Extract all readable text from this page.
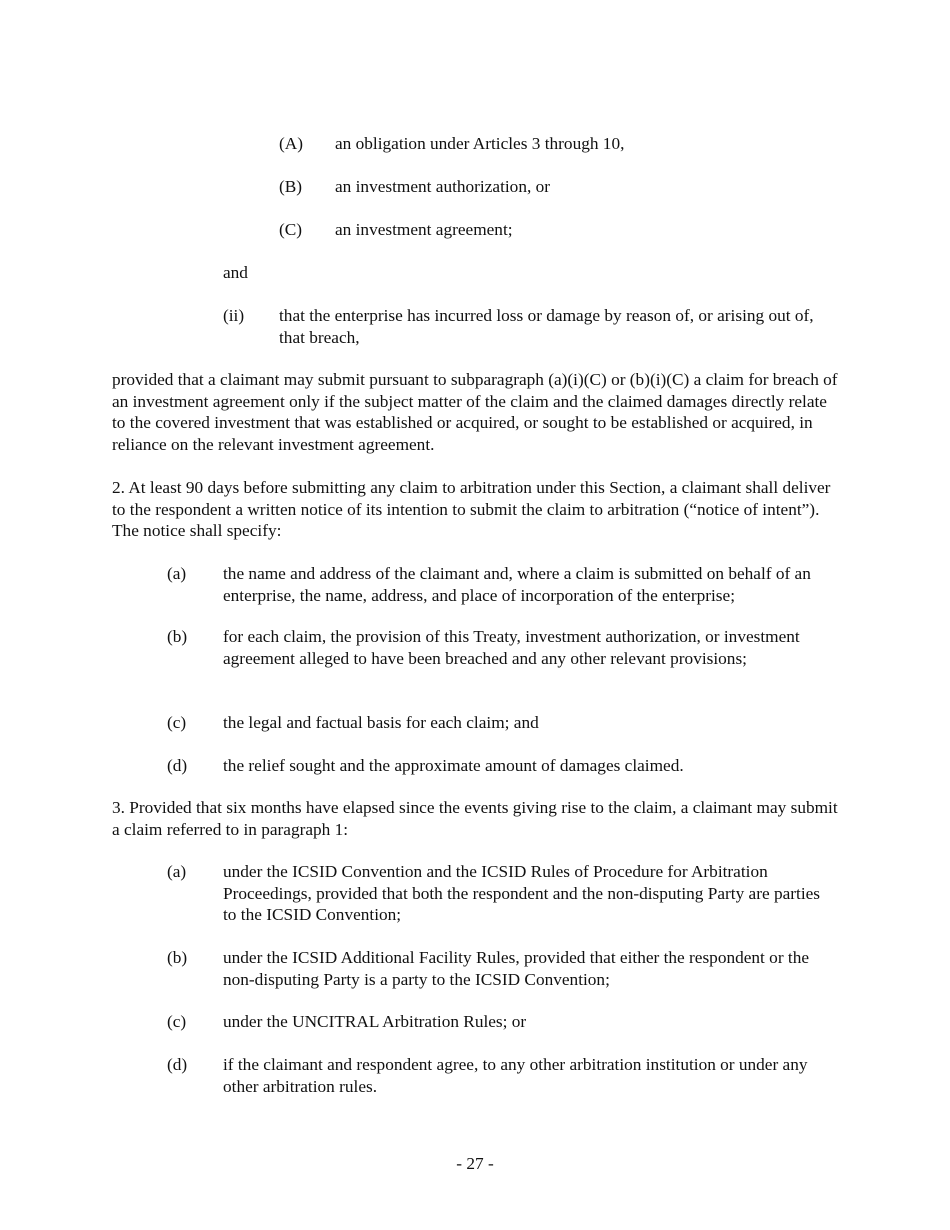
(A)	an obligation under Articles 3 through 10,
(B)	an investment authorization, or
(C)	an investment agreement;
and
(ii)	that the enterprise has incurred loss or damage by reason of, or arising out of, that breach,
provided that a claimant may submit pursuant to subparagraph (a)(i)(C) or (b)(i)(C) a claim for breach of an investment agreement only if the subject matter of the claim and the claimed damages directly relate to the covered investment that was established or acquired, or sought to be established or acquired, in reliance on the relevant investment agreement.
2. At least 90 days before submitting any claim to arbitration under this Section, a claimant shall deliver to the respondent a written notice of its intention to submit the claim to arbitration (“notice of intent”). The notice shall specify:
(a)	the name and address of the claimant and, where a claim is submitted on behalf of an enterprise, the name, address, and place of incorporation of the enterprise;
(b)	for each claim, the provision of this Treaty, investment authorization, or investment agreement alleged to have been breached and any other relevant provisions;
(c)	the legal and factual basis for each claim; and
(d)	the relief sought and the approximate amount of damages claimed.
3. Provided that six months have elapsed since the events giving rise to the claim, a claimant may submit a claim referred to in paragraph 1:
(a)	under the ICSID Convention and the ICSID Rules of Procedure for Arbitration Proceedings, provided that both the respondent and the non-disputing Party are parties to the ICSID Convention;
(b)	under the ICSID Additional Facility Rules, provided that either the respondent or the non-disputing Party is a party to the ICSID Convention;
(c)	under the UNCITRAL Arbitration Rules; or
(d)	if the claimant and respondent agree, to any other arbitration institution or under any other arbitration rules.
- 27 -
